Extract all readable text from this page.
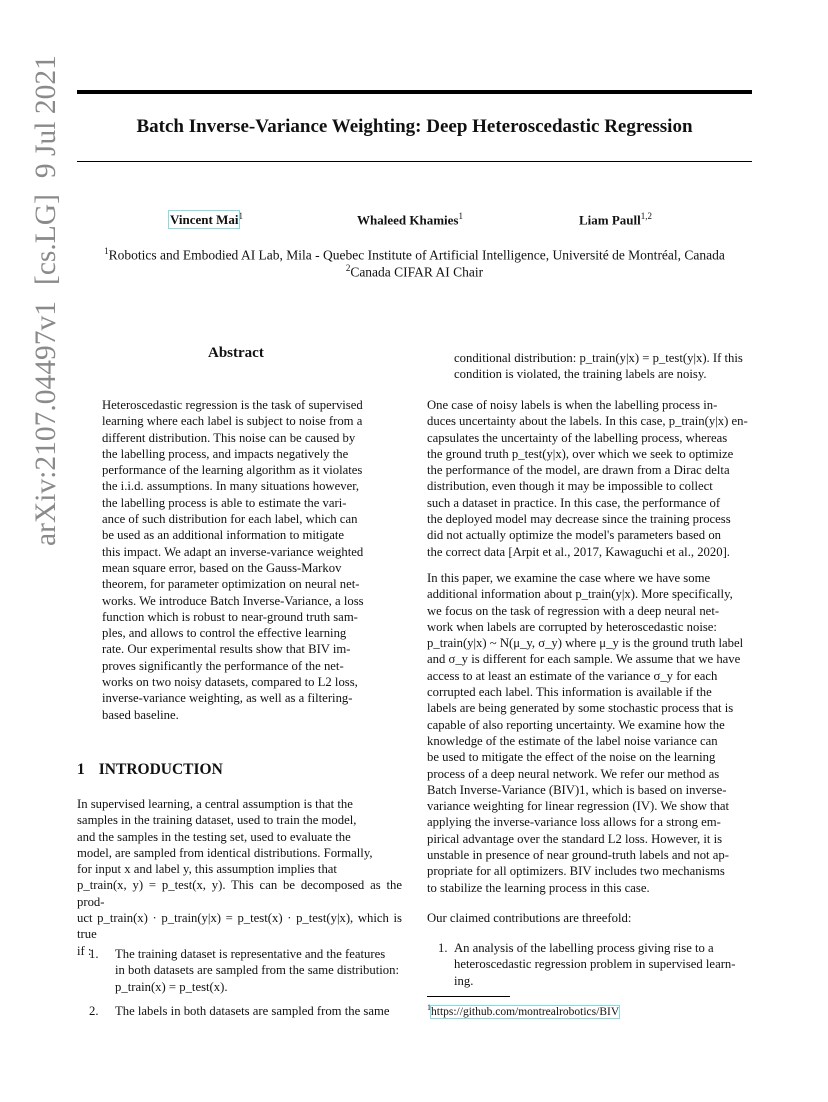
Batch Inverse-Variance Weighting: Deep Heteroscedastic Regression
Vincent Mai$^1$	Whaleed Khamies$^1$	Liam Paull$^{1,2}$
$^1$Robotics and Embodied AI Lab, Mila - Quebec Institute of Artificial Intelligence, Université de Montréal, Canada
$^2$Canada CIFAR AI Chair
arXiv:2107.04497v1[cs.LG]9 Jul 2021
Abstract

Heteroscedastic regression is the task of supervised

learning where each label is subject to noise from a

different distribution. This noise can be caused by

the labelling process, and impacts negatively the

performance of the learning algorithm as it violates

the i.i.d. assumptions. In many situations however,

the labelling process is able to estimate the vari-

ance of such distribution for each label, which can

be used as an additional information to mitigate

this impact. We adapt an inverse-variance weighted

mean square error, based on the Gauss-Markov

theorem, for parameter optimization on neural net-

works. We introduce Batch Inverse-Variance, a loss

function which is robust to near-ground truth sam-

ples, and allows to control the effective learning

rate. Our experimental results show that BIV im-

proves significantly the performance of the net-

works on two noisy datasets, compared to L2 loss,

inverse-variance weighting, as well as a filtering-

based baseline.

1 INTRODUCTION

In supervised learning, a central assumption is that the

samples in the training dataset, used to train the model,

and the samples in the testing set, used to evaluate the

model, are sampled from identical distributions. Formally,

for input x and label y, this assumption implies that

p_train(x, y) = p_test(x, y). This can be decomposed as the prod-

uct p_train(x) · p_train(y|x) = p_test(x) · p_test(y|x), which is true

if :

1. The training dataset is representative and the features
in both datasets are sampled from the same distribution:
p_train(x) = p_test(x).
2. The labels in both datasets are sampled from the same

conditional distribution: p_train(y|x) = p_test(y|x). If this

condition is violated, the training labels are noisy.

One case of noisy labels is when the labelling process in-

duces uncertainty about the labels. In this case, p_train(y|x) en-

capsulates the uncertainty of the labelling process, whereas

the ground truth p_test(y|x), over which we seek to optimize

the performance of the model, are drawn from a Dirac delta

distribution, even though it may be impossible to collect

such a dataset in practice. In this case, the performance of

the deployed model may decrease since the training process

did not actually optimize the model's parameters based on

the correct data [Arpit et al., 2017, Kawaguchi et al., 2020].

In this paper, we examine the case where we have some

additional information about p_train(y|x). More specifically,

we focus on the task of regression with a deep neural net-

work when labels are corrupted by heteroscedastic noise:

p_train(y|x) ~ N(μ_y, σ_y) where μ_y is the ground truth label

and σ_y is different for each sample. We assume that we have

access to at least an estimate of the variance σ_y for each

corrupted each label. This information is available if the

labels are being generated by some stochastic process that is

capable of also reporting uncertainty. We examine how the

knowledge of the estimate of the label noise variance can

be used to mitigate the effect of the noise on the learning

process of a deep neural network. We refer our method as

Batch Inverse-Variance (BIV)1, which is based on inverse-

variance weighting for linear regression (IV). We show that

applying the inverse-variance loss allows for a strong em-

pirical advantage over the standard L2 loss. However, it is

unstable in presence of near ground-truth labels and not ap-

propriate for all optimizers. BIV includes two mechanisms

to stabilize the learning process in this case.

Our claimed contributions are threefold:
1. An analysis of the labelling process giving rise to a
heteroscedastic regression problem in supervised learn-
ing.
$^1$https://github.com/montrealrobotics/BIV
